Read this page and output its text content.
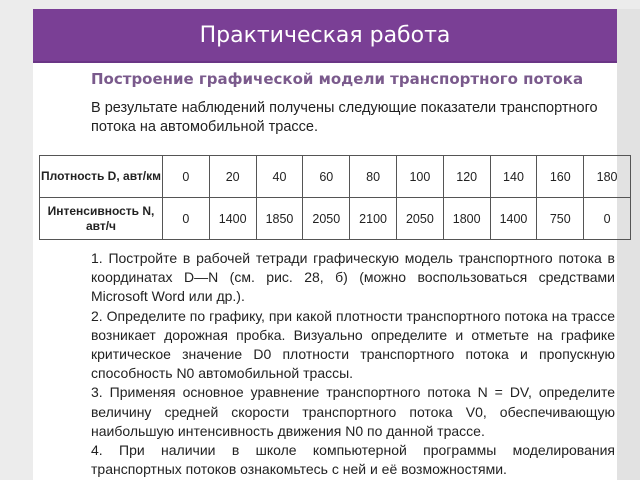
Практическая работа
Построение графической модели транспортного потока
В результате наблюдений получены следующие показатели транспортного потока на автомобильной трассе.
Плотность D, авт/км	0	20	40	60	80	100	120	140	160	180
Интенсивность N, авт/ч	0	1400	1850	2050	2100	2050	1800	1400	750	0

1. Постройте в рабочей тетради графическую модель транспортного потока в координатах D—N (см. рис. 28, б) (можно воспользоваться средствами Microsoft Word или др.).

2. Определите по графику, при какой плотности транспортного потока на трассе возникает дорожная пробка. Визуально определите и отметьте на графике критическое значение D0 плотности транспортного потока и пропускную способность N0 автомобильной трассы.

3. Применяя основное уравнение транспортного потока N = DV, определите величину средней скорости транспортного потока V0, обеспечивающую наибольшую интенсивность движения N0 по данной трассе.

4. При наличии в школе компьютерной программы моделирования транспортных потоков ознакомьтесь с ней и её возможностями.
